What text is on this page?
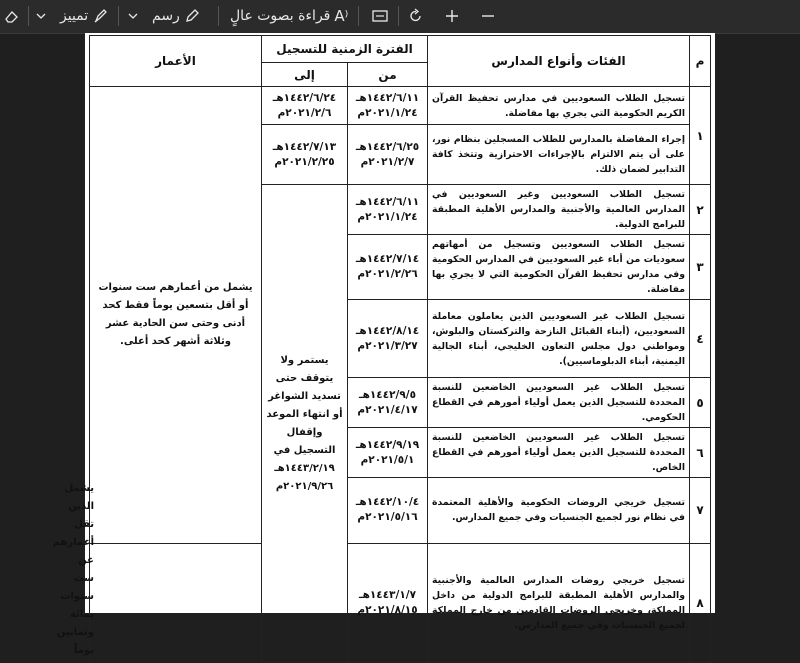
تمييز	رسم	قراءة بصوت عالٍ A⁾
م	الفئات وأنواع المدارس	الفترة الزمنية للتسجيل		الأعمار	
		من	إلى		
١	تسجيل الطلاب السعوديين في مدارس تحفيظ القرآن الكريم الحكومية التي يجري بها مفاضلة.	١٤٤٢/٦/١١هـ ٢٠٢١/١/٢٤م	١٤٤٢/٦/٢٤هـ ٢٠٢١/٢/٦م	يشمل من أعمارهم ست سنوات أو أقل بتسعين يوماً فقط كحد أدنى وحتى سن الحادية عشر وثلاثة أشهر كحد أعلى.	
	إجراء المفاضلة بالمدارس للطلاب المسجلين بنظام نور، على أن يتم الالتزام بالإجراءات الاحترازية وتتخذ كافة التدابير لضمان ذلك.	١٤٤٢/٦/٢٥هـ ٢٠٢١/٢/٧م	١٤٤٢/٧/١٣هـ ٢٠٢١/٢/٢٥م		
٢	تسجيل الطلاب السعوديين وغير السعوديين في المدارس العالمية والأجنبية والمدارس الأهلية المطبقة للبرامج الدولية.	١٤٤٢/٦/١١هـ ٢٠٢١/١/٢٤م	يستمر ولا يتوقف حتى تسديد الشواغر أو انتهاء الموعد وإقفال التسجيل في ١٤٤٣/٢/١٩هـ ٢٠٢١/٩/٢٦م		
٣	تسجيل الطلاب السعوديين وتسجيل من أمهاتهم سعوديات من أباء غير السعوديين في المدارس الحكومية وفي مدارس تحفيظ القرآن الحكومية التي لا يجري بها مفاضلة.	١٤٤٢/٧/١٤هـ ٢٠٢١/٢/٢٦م			
٤	تسجيل الطلاب غير السعوديين الذين يعاملون معاملة السعوديين، (أبناء القبائل النازحة والتركستان والبلوش، ومواطني دول مجلس التعاون الخليجي، أبناء الجالية اليمنية، أبناء الدبلوماسيين).	١٤٤٢/٨/١٤هـ ٢٠٢١/٣/٢٧م			
٥	تسجيل الطلاب غير السعوديين الخاضعين للنسبة المحددة للتسجيل الذين يعمل أولياء أمورهم في القطاع الحكومي.	١٤٤٢/٩/٥هـ ٢٠٢١/٤/١٧م			
٦	تسجيل الطلاب غير السعوديين الخاضعين للنسبة المحددة للتسجيل الذين يعمل أولياء أمورهم في القطاع الخاص.	١٤٤٢/٩/١٩هـ ٢٠٢١/٥/١م			
٧	تسجيل خريجي الروضات الحكومية والأهلية المعتمدة في نظام نور لجميع الجنسيات وفي جميع المدارس.	١٤٤٢/١٠/٤هـ ٢٠٢١/٥/١٦م			يشمل الذين تقل أعمارهم عن ست سنوات بمائة وثمانين يوماً
٨	تسجيل خريجي روضات المدارس العالمية والأجنبية والمدارس الأهلية المطبقة للبرامج الدولية من داخل المملكة، وخريجي الروضات القادمين من خارج المملكة لجميع الجنسيات وفي جميع المدارس.	١٤٤٣/١/٧هـ ٢٠٢١/٨/١٥م			
